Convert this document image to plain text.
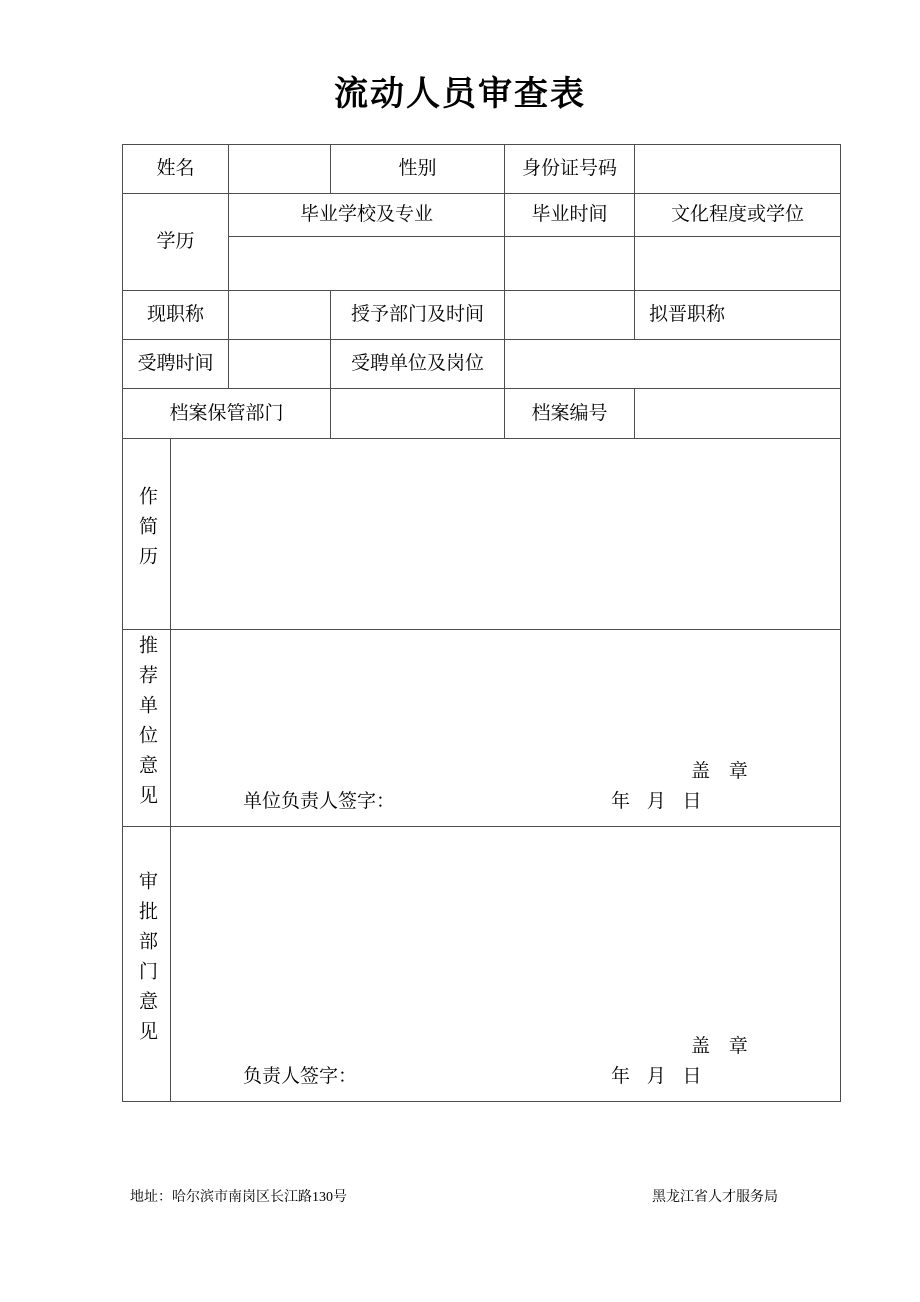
流动人员审查表
姓名			性别	身份证号码	
学历		毕业学校及专业		毕业时间	文化程度或学位

现职称			授予部门及时间		拟晋职称
受聘时间			受聘单位及岗位		
档案保管部门				档案编号	
作简历					
推荐单位意见	盖 章
单位负责人签字： 年 月 日				

审批部门意见	盖 章
负责人签字： 年 月 日				
地址：哈尔滨市南岗区长江路130号	黑龙江省人才服务局
